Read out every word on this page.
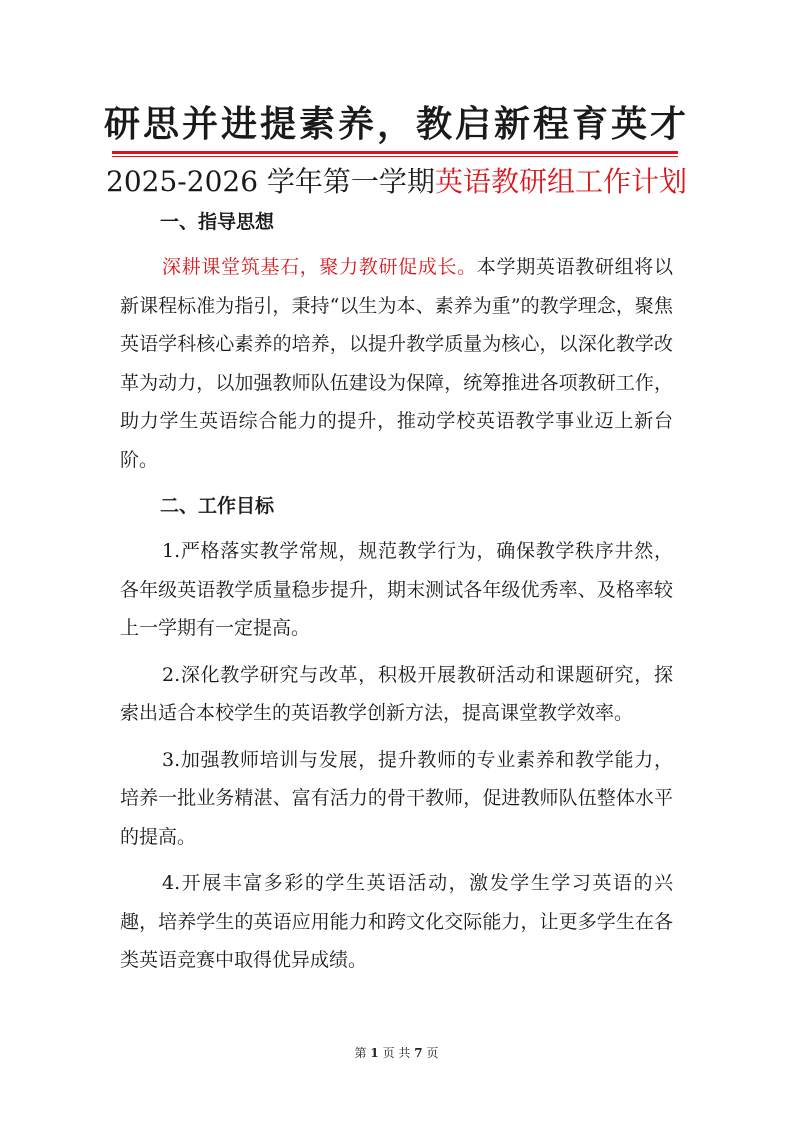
研思并进提素养，教启新程育英才
2025-2026 学年第一学期英语教研组工作计划
一、指导思想

深耕课堂筑基石，聚力教研促成长。本学期英语教研组将以新课程标准为指引，秉持“以生为本、素养为重”的教学理念，聚焦英语学科核心素养的培养，以提升教学质量为核心，以深化教学改革为动力，以加强教师队伍建设为保障，统筹推进各项教研工作，助力学生英语综合能力的提升，推动学校英语教学事业迈上新台阶。

二、工作目标

1.严格落实教学常规，规范教学行为，确保教学秩序井然，各年级英语教学质量稳步提升，期末测试各年级优秀率、及格率较上一学期有一定提高。

2.深化教学研究与改革，积极开展教研活动和课题研究，探索出适合本校学生的英语教学创新方法，提高课堂教学效率。

3.加强教师培训与发展，提升教师的专业素养和教学能力，培养一批业务精湛、富有活力的骨干教师，促进教师队伍整体水平的提高。

4.开展丰富多彩的学生英语活动，激发学生学习英语的兴趣，培养学生的英语应用能力和跨文化交际能力，让更多学生在各类英语竞赛中取得优异成绩。

第 1 页 共 7 页
